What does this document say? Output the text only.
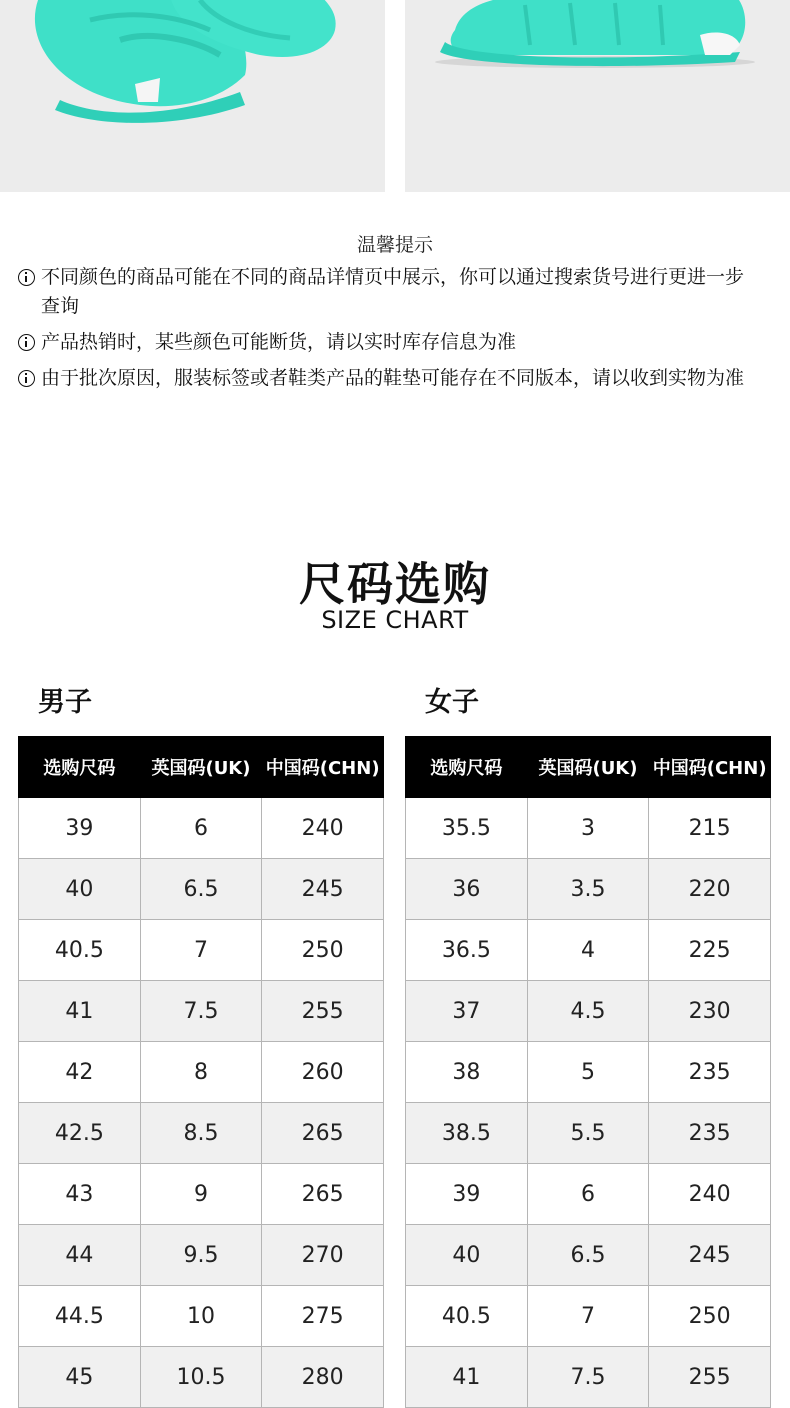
温馨提示
不同颜色的商品可能在不同的商品详情页中展示，你可以通过搜索货号进行更进一步查询
产品热销时，某些颜色可能断货，请以实时库存信息为准
由于批次原因，服装标签或者鞋类产品的鞋垫可能存在不同版本，请以收到实物为准
尺码选购
SIZE CHART
男子	女子
选购尺码	英国码(UK)	中国码(CHN)
39	6	240
40	6.5	245
40.5	7	250
41	7.5	255
42	8	260
42.5	8.5	265
43	9	265
44	9.5	270
44.5	10	275
45	10.5	280
选购尺码	英国码(UK)	中国码(CHN)
35.5	3	215
36	3.5	220
36.5	4	225
37	4.5	230
38	5	235
38.5	5.5	235
39	6	240
40	6.5	245
40.5	7	250
41	7.5	255
